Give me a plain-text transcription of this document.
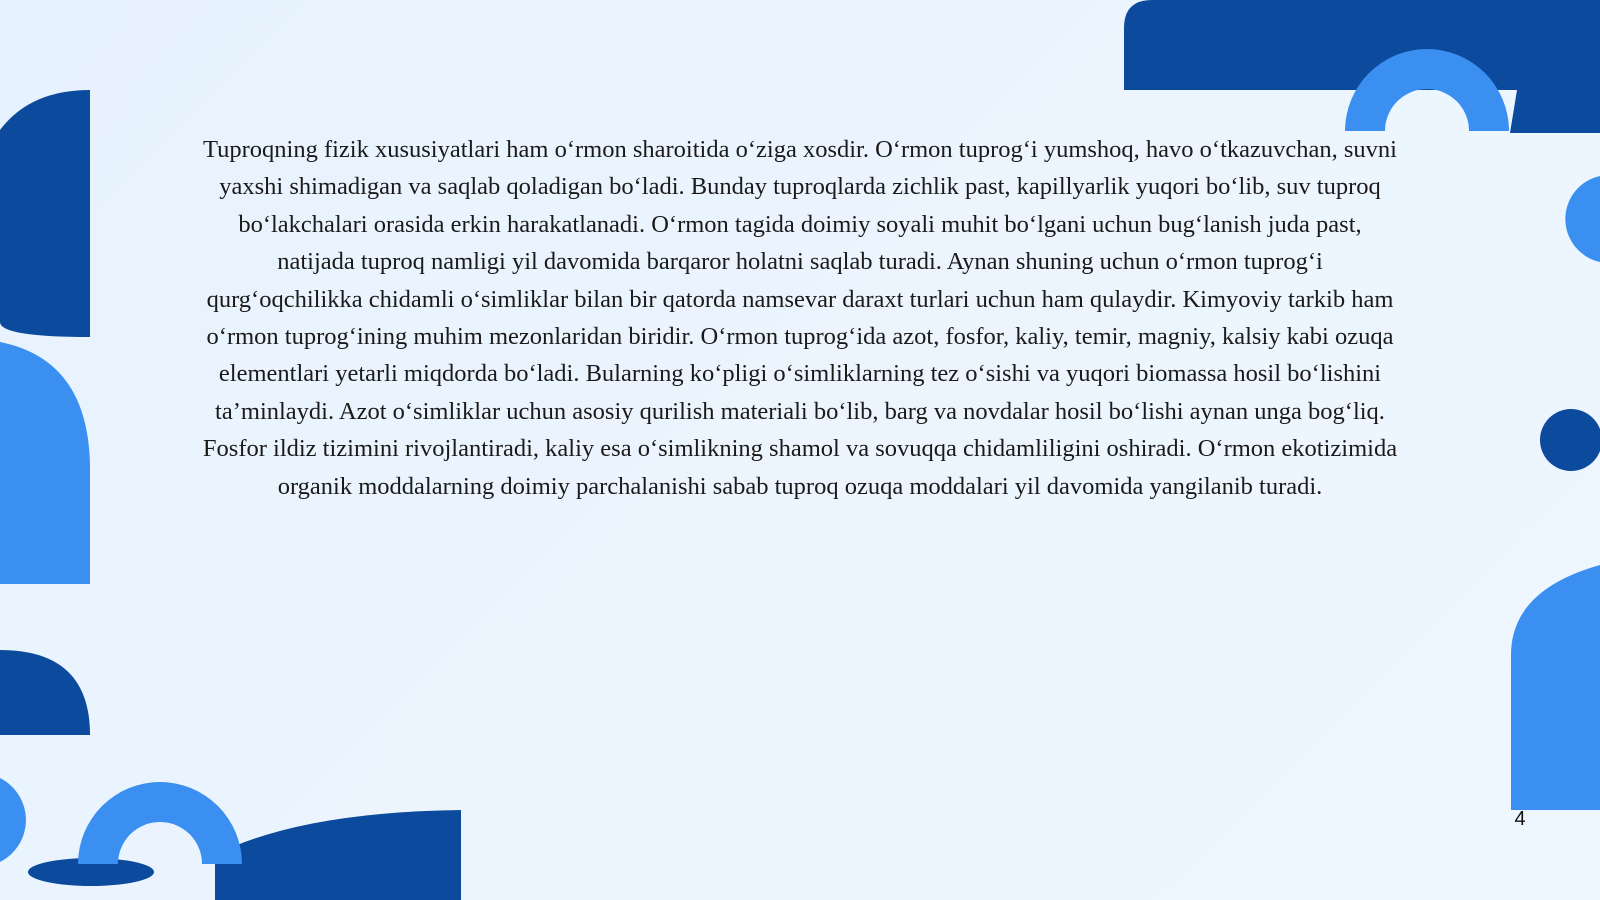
Tuproqning fizik xususiyatlari ham o‘rmon sharoitida o‘ziga xosdir. O‘rmon tuprog‘i yumshoq, havo o‘tkazuvchan, suvni yaxshi shimadigan va saqlab qoladigan bo‘ladi. Bunday tuproqlarda zichlik past, kapillyarlik yuqori bo‘lib, suv tuproq bo‘lakchalari orasida erkin harakatlanadi. O‘rmon tagida doimiy soyali muhit bo‘lgani uchun bug‘lanish juda past, natijada tuproq namligi yil davomida barqaror holatni saqlab turadi. Aynan shuning uchun o‘rmon tuprog‘i qurg‘oqchilikka chidamli o‘simliklar bilan bir qatorda namsevar daraxt turlari uchun ham qulaydir. Kimyoviy tarkib ham o‘rmon tuprog‘ining muhim mezonlaridan biridir. O‘rmon tuprog‘ida azot, fosfor, kaliy, temir, magniy, kalsiy kabi ozuqa elementlari yetarli miqdorda bo‘ladi. Bularning ko‘pligi o‘simliklarning tez o‘sishi va yuqori biomassa hosil bo‘lishini ta’minlaydi. Azot o‘simliklar uchun asosiy qurilish materiali bo‘lib, barg va novdalar hosil bo‘lishi aynan unga bog‘liq. Fosfor ildiz tizimini rivojlantiradi, kaliy esa o‘simlikning shamol va sovuqqa chidamliligini oshiradi. O‘rmon ekotizimida organik moddalarning doimiy parchalanishi sabab tuproq ozuqa moddalari yil davomida yangilanib turadi.

4
